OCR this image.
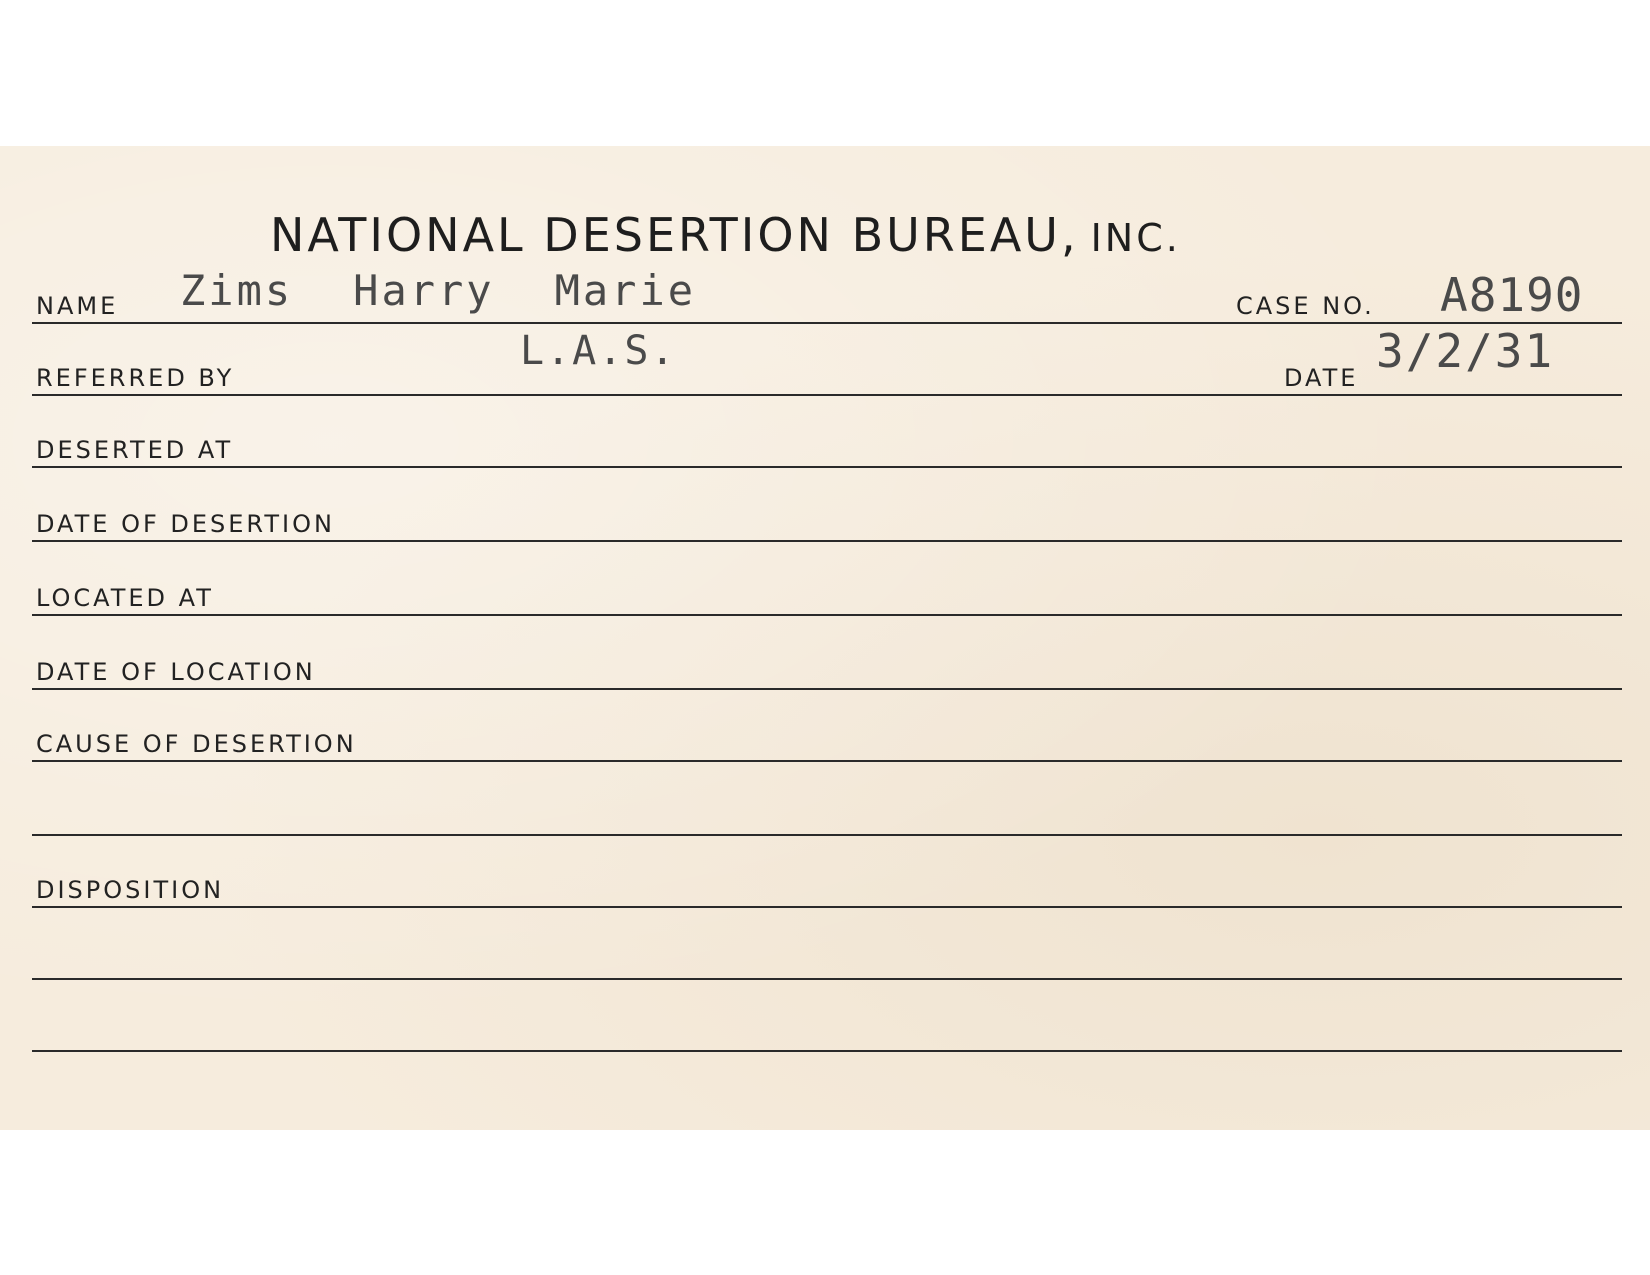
NATIONAL DESERTION BUREAU, INC.
NAME Zims Harry Marie	CASE NO. A8190
REFERRED BY
L.A.S.
DATE 3/2/31
DESERTED AT
DATE OF DESERTION
LOCATED AT
DATE OF LOCATION
CAUSE OF DESERTION
DISPOSITION
